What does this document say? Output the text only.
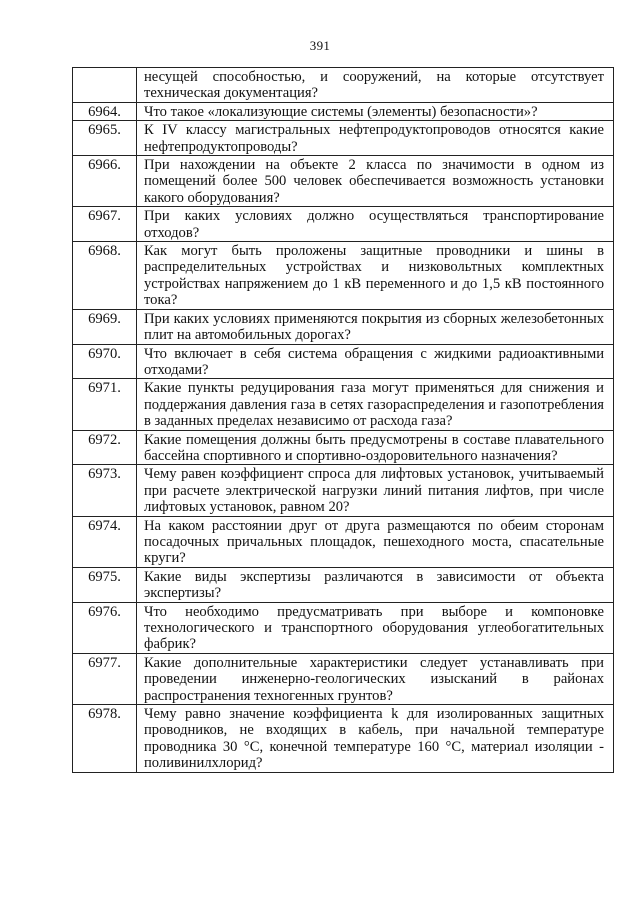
391
	несущей способностью, и сооружений, на которые отсутствует техническая документация?
6964.	Что такое «локализующие системы (элементы) безопасности»?
6965.	К IV классу магистральных нефтепродуктопроводов относятся какие нефтепродуктопроводы?
6966.	При нахождении на объекте 2 класса по значимости в одном из помещений более 500 человек обеспечивается возможность установки какого оборудования?
6967.	При каких условиях должно осуществляться транспортирование отходов?
6968.	Как могут быть проложены защитные проводники и шины в распределительных устройствах и низковольтных комплектных устройствах напряжением до 1 кВ переменного и до 1,5 кВ постоянного тока?
6969.	При каких условиях применяются покрытия из сборных железобетонных плит на автомобильных дорогах?
6970.	Что включает в себя система обращения с жидкими радиоактивными отходами?
6971.	Какие пункты редуцирования газа могут применяться для снижения и поддержания давления газа в сетях газораспределения и газопотребления в заданных пределах независимо от расхода газа?
6972.	Какие помещения должны быть предусмотрены в составе плавательного бассейна спортивного и спортивно-оздоровительного назначения?
6973.	Чему равен коэффициент спроса для лифтовых установок, учитываемый при расчете электрической нагрузки линий питания лифтов, при числе лифтовых установок, равном 20?
6974.	На каком расстоянии друг от друга размещаются по обеим сторонам посадочных причальных площадок, пешеходного моста, спасательные круги?
6975.	Какие виды экспертизы различаются в зависимости от объекта экспертизы?
6976.	Что необходимо предусматривать при выборе и компоновке технологического и транспортного оборудования углеобогатительных фабрик?
6977.	Какие дополнительные характеристики следует устанавливать при проведении инженерно-геологических изысканий в районах распространения техногенных грунтов?
6978.	Чему равно значение коэффициента k для изолированных защитных проводников, не входящих в кабель, при начальной температуре проводника 30 °С, конечной температуре 160 °С, материал изоляции - поливинилхлорид?
